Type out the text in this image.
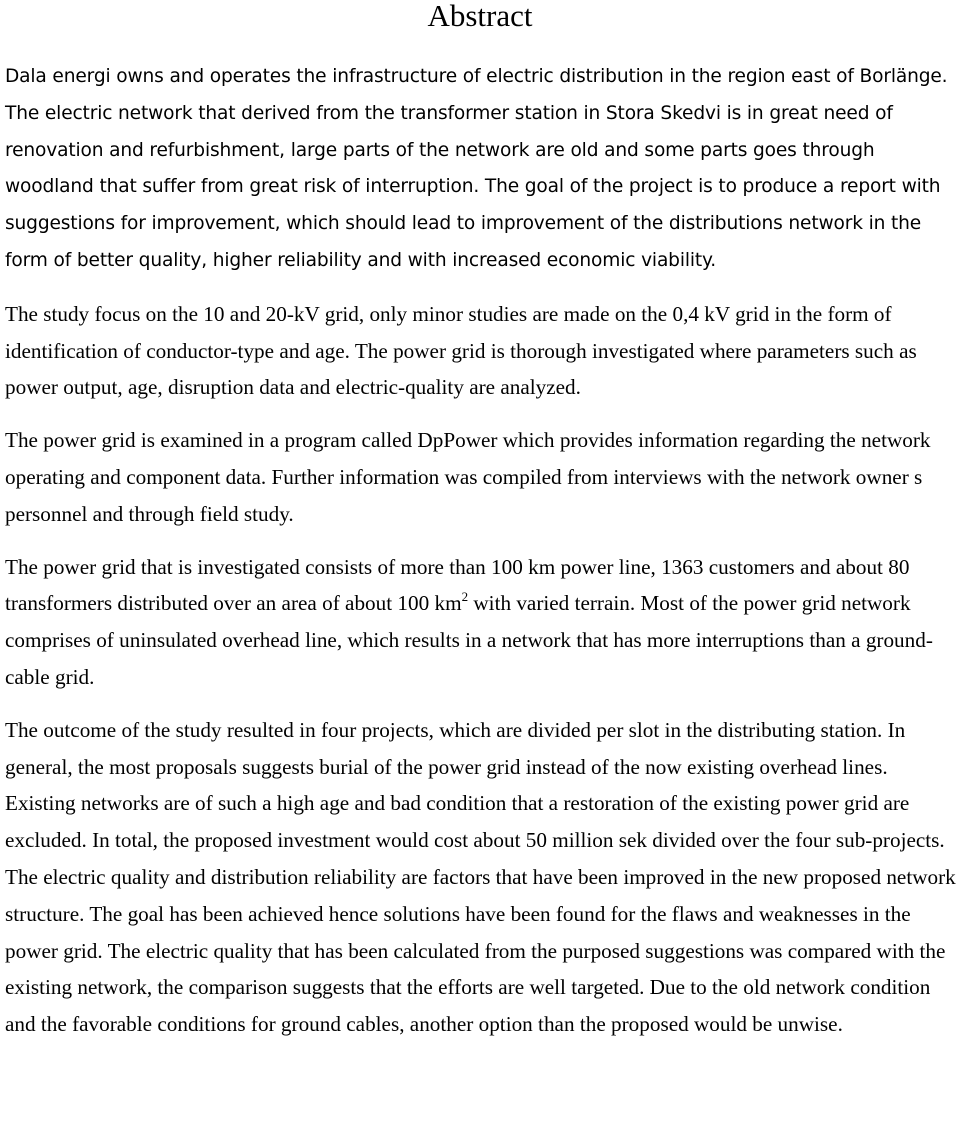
Abstract

Dala energi owns and operates the infrastructure of electric distribution in the region east of Borlänge. The electric network that derived from the transformer station in Stora Skedvi is in great need of renovation and refurbishment, large parts of the network are old and some parts goes through woodland that suffer from great risk of interruption. The goal of the project is to produce a report with suggestions for improvement, which should lead to improvement of the distributions network in the form of better quality, higher reliability and with increased economic viability.

The study focus on the 10 and 20-kV grid, only minor studies are made on the 0,4 kV grid in the form of identification of conductor-type and age. The power grid is thorough investigated where parameters such as power output, age, disruption data and electric-quality are analyzed.

The power grid is examined in a program called DpPower which provides information regarding the network operating and component data. Further information was compiled from interviews with the network owner s personnel and through field study.

The power grid that is investigated consists of more than 100 km power line, 1363 customers and about 80 transformers distributed over an area of about 100 $km^2$ with varied terrain. Most of the power grid network comprises of uninsulated overhead line, which results in a network that has more interruptions than a ground-cable grid.

The outcome of the study resulted in four projects, which are divided per slot in the distributing station. In general, the most proposals suggests burial of the power grid instead of the now existing overhead lines. Existing networks are of such a high age and bad condition that a restoration of the existing power grid are excluded. In total, the proposed investment would cost about 50 million sek divided over the four sub-projects. The electric quality and distribution reliability are factors that have been improved in the new proposed network structure. The goal has been achieved hence solutions have been found for the flaws and weaknesses in the power grid. The electric quality that has been calculated from the purposed suggestions was compared with the existing network, the comparison suggests that the efforts are well targeted. Due to the old network condition and the favorable conditions for ground cables, another option than the proposed would be unwise.
